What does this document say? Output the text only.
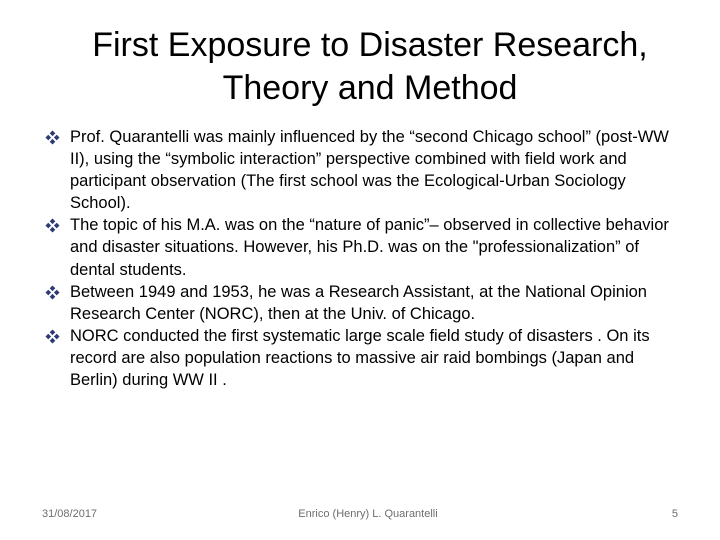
First Exposure to Disaster Research,
Theory and Method
Prof. Quarantelli was mainly influenced by the “second Chicago school” (post-WW II), using the “symbolic interaction” perspective combined with field work and participant observation (The first school was the Ecological-Urban Sociology School).
The topic of his M.A. was on the “nature of panic”– observed in collective behavior and disaster situations. However, his Ph.D. was on the "professionalization” of dental students.
Between 1949 and 1953, he was a Research Assistant, at the National Opinion Research Center (NORC), then at the Univ. of Chicago.
NORC conducted the first systematic large scale field study of disasters . On its record are also population reactions to massive air raid bombings (Japan and Berlin) during WW II .
31/08/2017	Enrico (Henry) L. Quarantelli	5
